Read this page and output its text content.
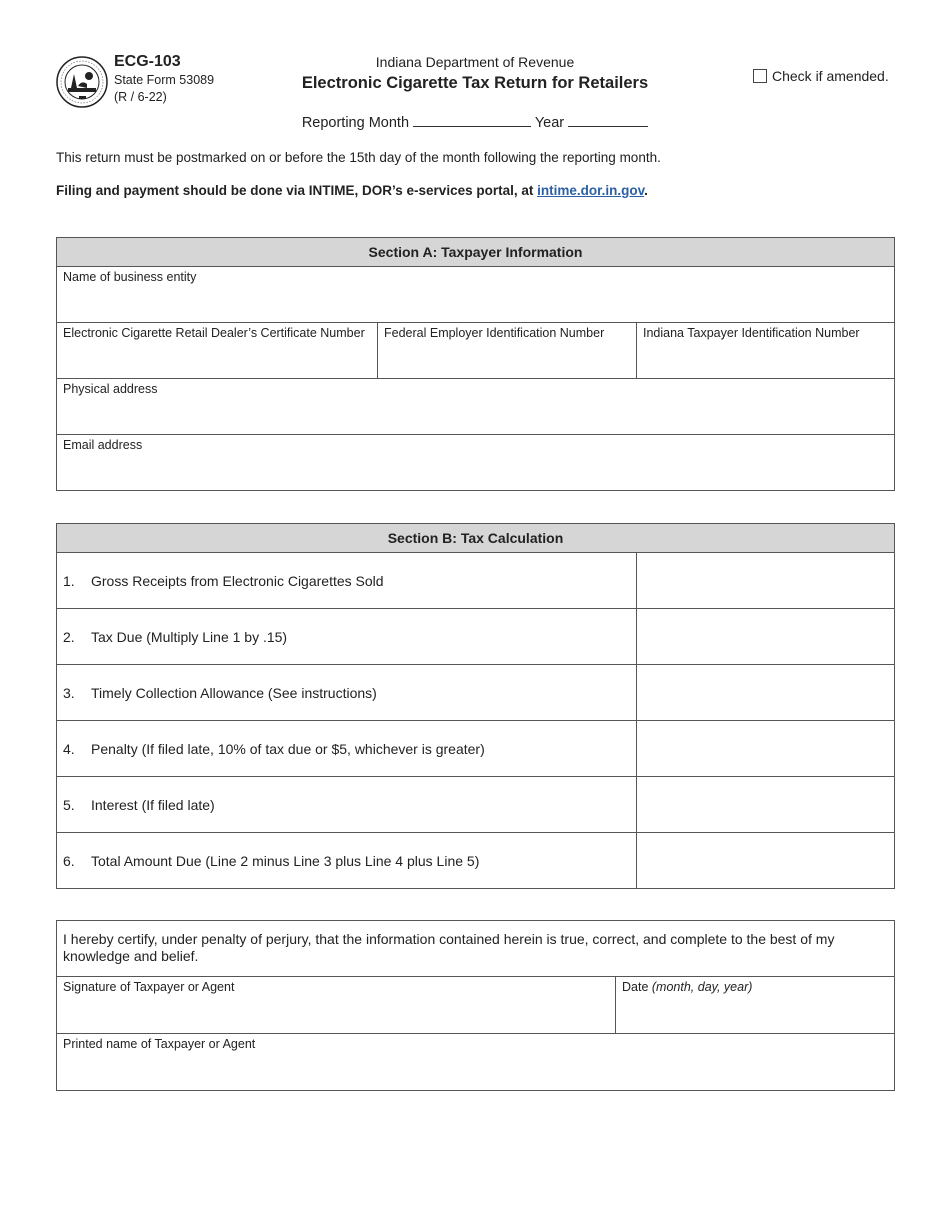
ECG-103
State Form 53089
(R / 6-22)
Indiana Department of Revenue
Electronic Cigarette Tax Return for Retailers	Check if amended.
Reporting Month	Year
This return must be postmarked on or before the 15th day of the month following the reporting month.
Filing and payment should be done via INTIME, DOR’s e-services portal, at intime.dor.in.gov.
Section A: Taxpayer Information
Name of business entity
Electronic Cigarette Retail Dealer’s Certificate Number	Federal Employer Identification Number	Indiana Taxpayer Identification Number
Physical address
Email address
Section B: Tax Calculation	
1. Gross Receipts from Electronic Cigarettes Sold	
2. Tax Due (Multiply Line 1 by .15)	
3. Timely Collection Allowance (See instructions)	
4. Penalty (If filed late, 10% of tax due or $5, whichever is greater)	
5. Interest (If filed late)	
6. Total Amount Due (Line 2 minus Line 3 plus Line 4 plus Line 5)	
I hereby certify, under penalty of perjury, that the information contained herein is true, correct, and complete to the best of my knowledge and belief.
Signature of Taxpayer or Agent	Date (month, day, year)
Printed name of Taxpayer or Agent
